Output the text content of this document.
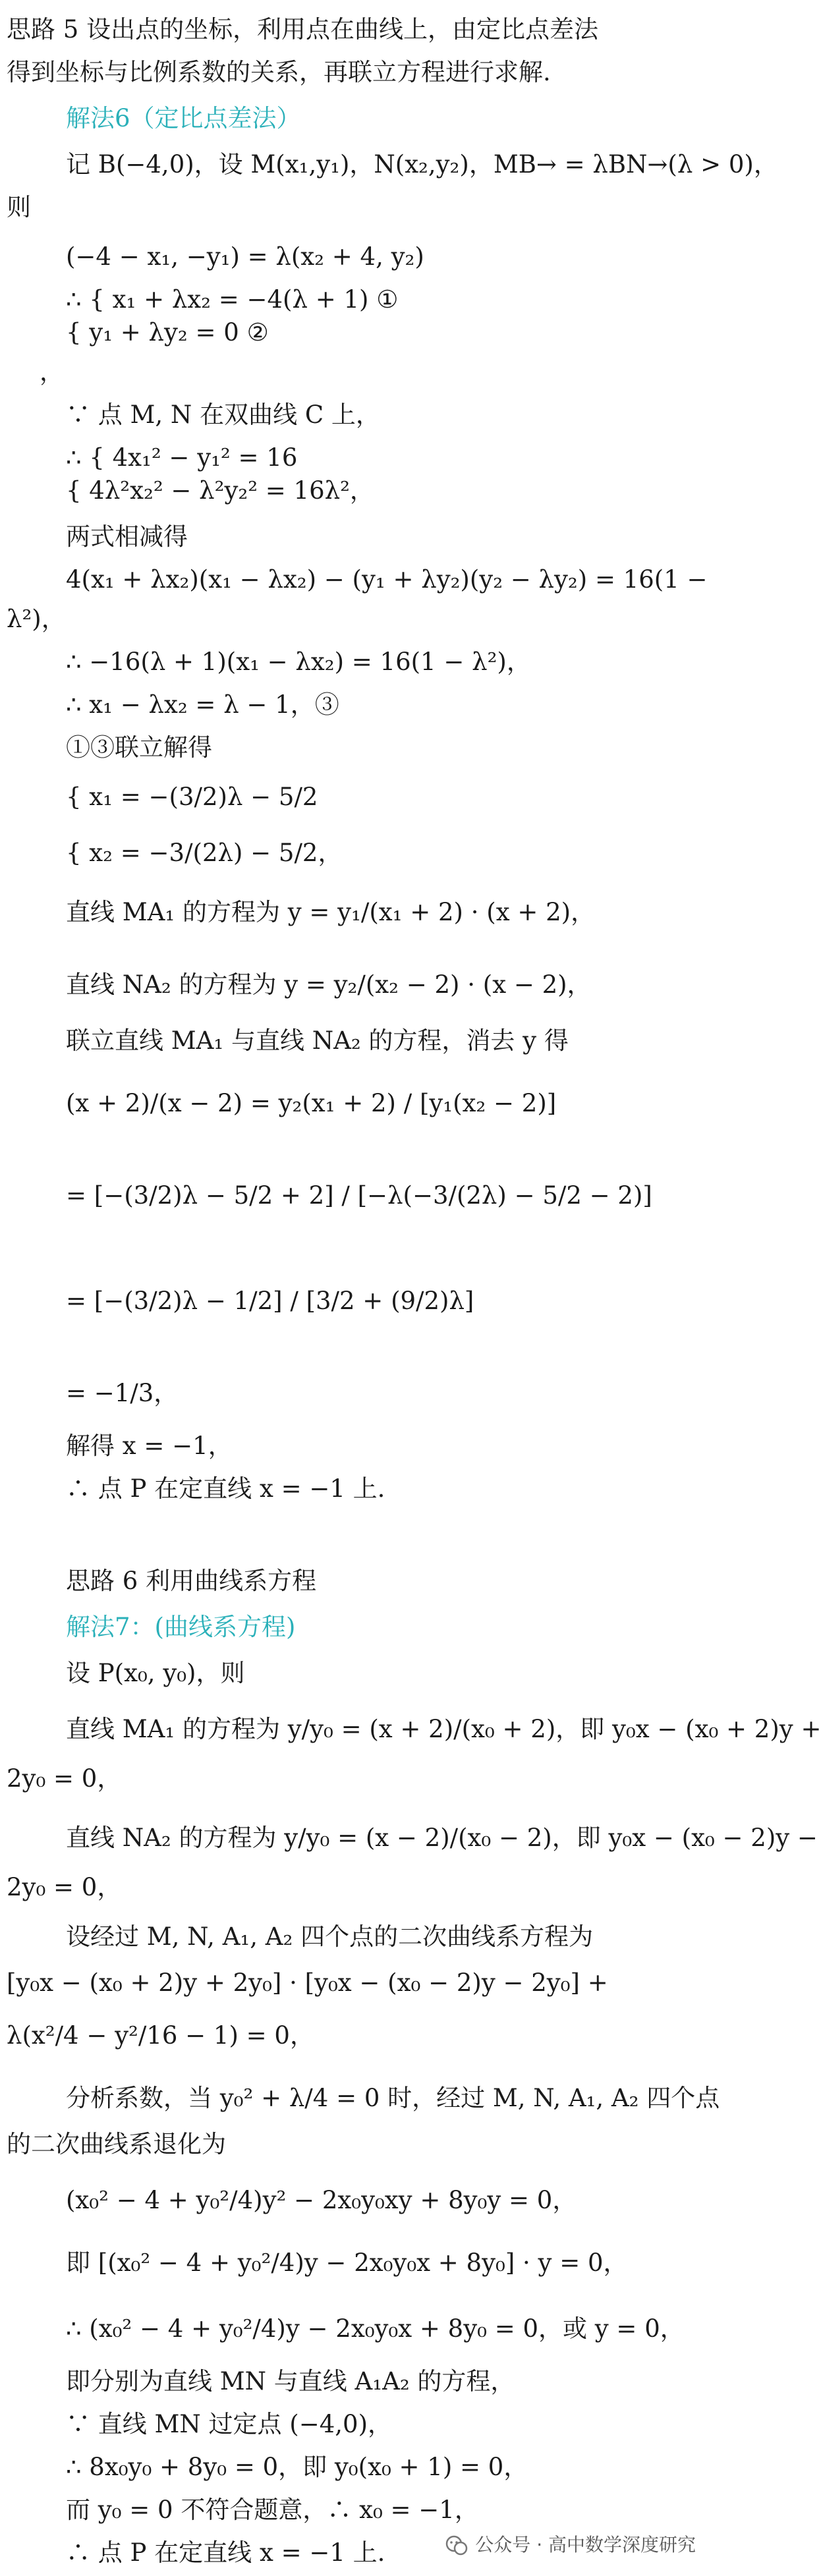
思路 5 设出点的坐标，利用点在曲线上，由定比点差法
得到坐标与比例系数的关系，再联立方程进行求解.
解法6（定比点差法）
记 B(−4,0)，设 M(x₁,y₁)，N(x₂,y₂)，MB→ = λBN→(λ > 0)，
则
(−4 − x₁, −y₁) = λ(x₂ + 4, y₂)
∴ { x₁ + λx₂ = −4(λ + 1) ①
{ y₁ + λy₂ = 0 ②
，
∵ 点 M, N 在双曲线 C 上，
∴ { 4x₁² − y₁² = 16
{ 4λ²x₂² − λ²y₂² = 16λ²，
两式相减得
4(x₁ + λx₂)(x₁ − λx₂) − (y₁ + λy₂)(y₂ − λy₂) = 16(1 −
λ²)，
∴ −16(λ + 1)(x₁ − λx₂) = 16(1 − λ²)，
∴ x₁ − λx₂ = λ − 1，③
①③联立解得
{ x₁ = −(3/2)λ − 5/2
{ x₂ = −3/(2λ) − 5/2，
直线 MA₁ 的方程为 y = y₁/(x₁ + 2) · (x + 2)，
直线 NA₂ 的方程为 y = y₂/(x₂ − 2) · (x − 2)，
联立直线 MA₁ 与直线 NA₂ 的方程，消去 y 得
(x + 2)/(x − 2) = y₂(x₁ + 2) / [y₁(x₂ − 2)]
= [−(3/2)λ − 5/2 + 2] / [−λ(−3/(2λ) − 5/2 − 2)]
= [−(3/2)λ − 1/2] / [3/2 + (9/2)λ]
= −1/3，
解得 x = −1，
∴ 点 P 在定直线 x = −1 上.
思路 6 利用曲线系方程
解法7：(曲线系方程)
设 P(x₀, y₀)，则
直线 MA₁ 的方程为 y/y₀ = (x + 2)/(x₀ + 2)，即 y₀x − (x₀ + 2)y +
2y₀ = 0，
直线 NA₂ 的方程为 y/y₀ = (x − 2)/(x₀ − 2)，即 y₀x − (x₀ − 2)y −
2y₀ = 0，
设经过 M, N, A₁, A₂ 四个点的二次曲线系方程为
[y₀x − (x₀ + 2)y + 2y₀] · [y₀x − (x₀ − 2)y − 2y₀] +
λ(x²/4 − y²/16 − 1) = 0，
分析系数，当 y₀² + λ/4 = 0 时，经过 M, N, A₁, A₂ 四个点
的二次曲线系退化为
(x₀² − 4 + y₀²/4)y² − 2x₀y₀xy + 8y₀y = 0，
即 [(x₀² − 4 + y₀²/4)y − 2x₀y₀x + 8y₀] · y = 0，
∴ (x₀² − 4 + y₀²/4)y − 2x₀y₀x + 8y₀ = 0，或 y = 0，
即分别为直线 MN 与直线 A₁A₂ 的方程，
∵ 直线 MN 过定点 (−4,0)，
∴ 8x₀y₀ + 8y₀ = 0，即 y₀(x₀ + 1) = 0，
而 y₀ = 0 不符合题意，∴ x₀ = −1，
∴ 点 P 在定直线 x = −1 上.	公众号 · 高中数学深度研究
